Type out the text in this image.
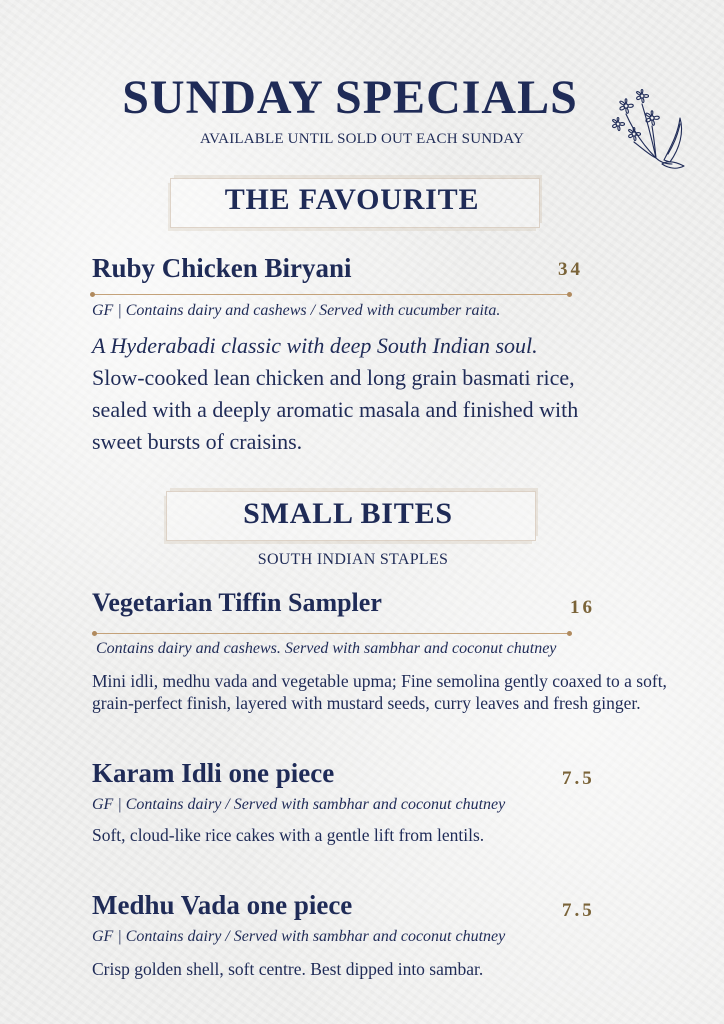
SUNDAY SPECIALS
AVAILABLE UNTIL SOLD OUT EACH SUNDAY
THE FAVOURITE
Ruby Chicken Biryani	34
GF | Contains dairy and cashews / Served with cucumber raita.
A Hyderabadi classic with deep South Indian soul.
Slow-cooked lean chicken and long grain basmati rice, sealed with a deeply aromatic masala and finished with sweet bursts of craisins.
SMALL BITES
SOUTH INDIAN STAPLES
Vegetarian Tiffin Sampler	16
Contains dairy and cashews. Served with sambhar and coconut chutney
Mini idli, medhu vada and vegetable upma; Fine semolina gently coaxed to a soft, grain-perfect finish, layered with mustard seeds, curry leaves and fresh ginger.
Karam Idli one piece	7.5
GF | Contains dairy / Served with sambhar and coconut chutney
Soft, cloud-like rice cakes with a gentle lift from lentils.
Medhu Vada one piece	7.5
GF | Contains dairy / Served with sambhar and coconut chutney
Crisp golden shell, soft centre. Best dipped into sambar.
